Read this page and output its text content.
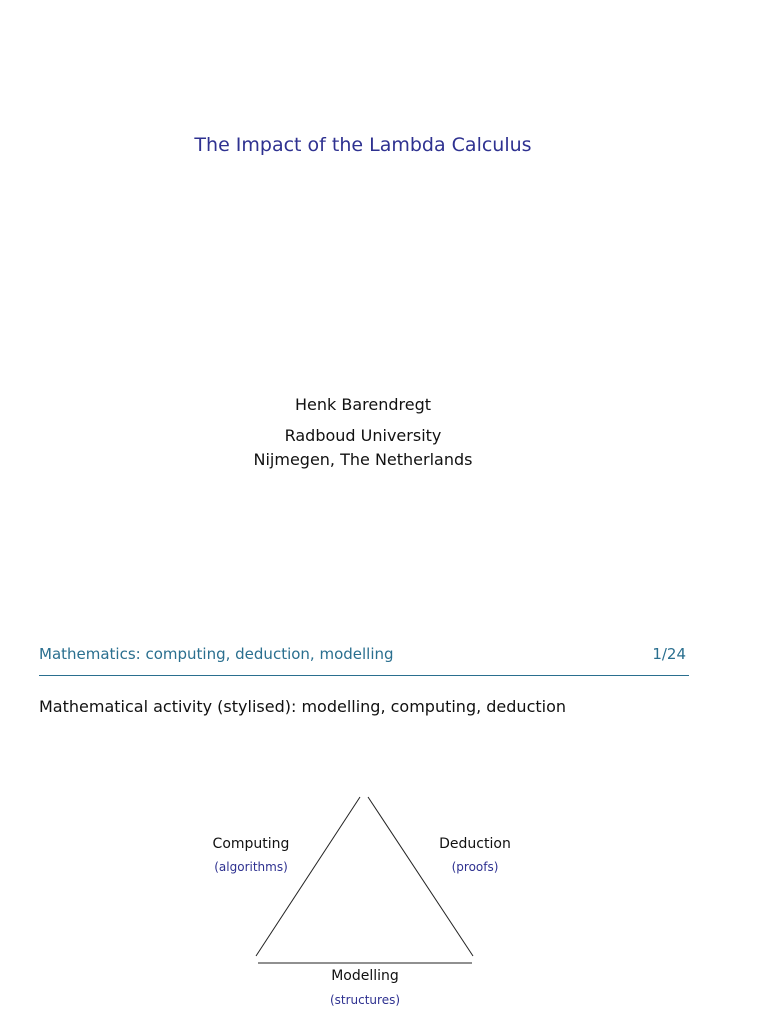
The Impact of the Lambda Calculus
Henk Barendregt
Radboud University
Nijmegen, The Netherlands
Mathematics: computing, deduction, modelling	1/24
Mathematical activity (stylised): modelling, computing, deduction
Computing
(algorithms)
Deduction
(proofs)
Modelling
(structures)
